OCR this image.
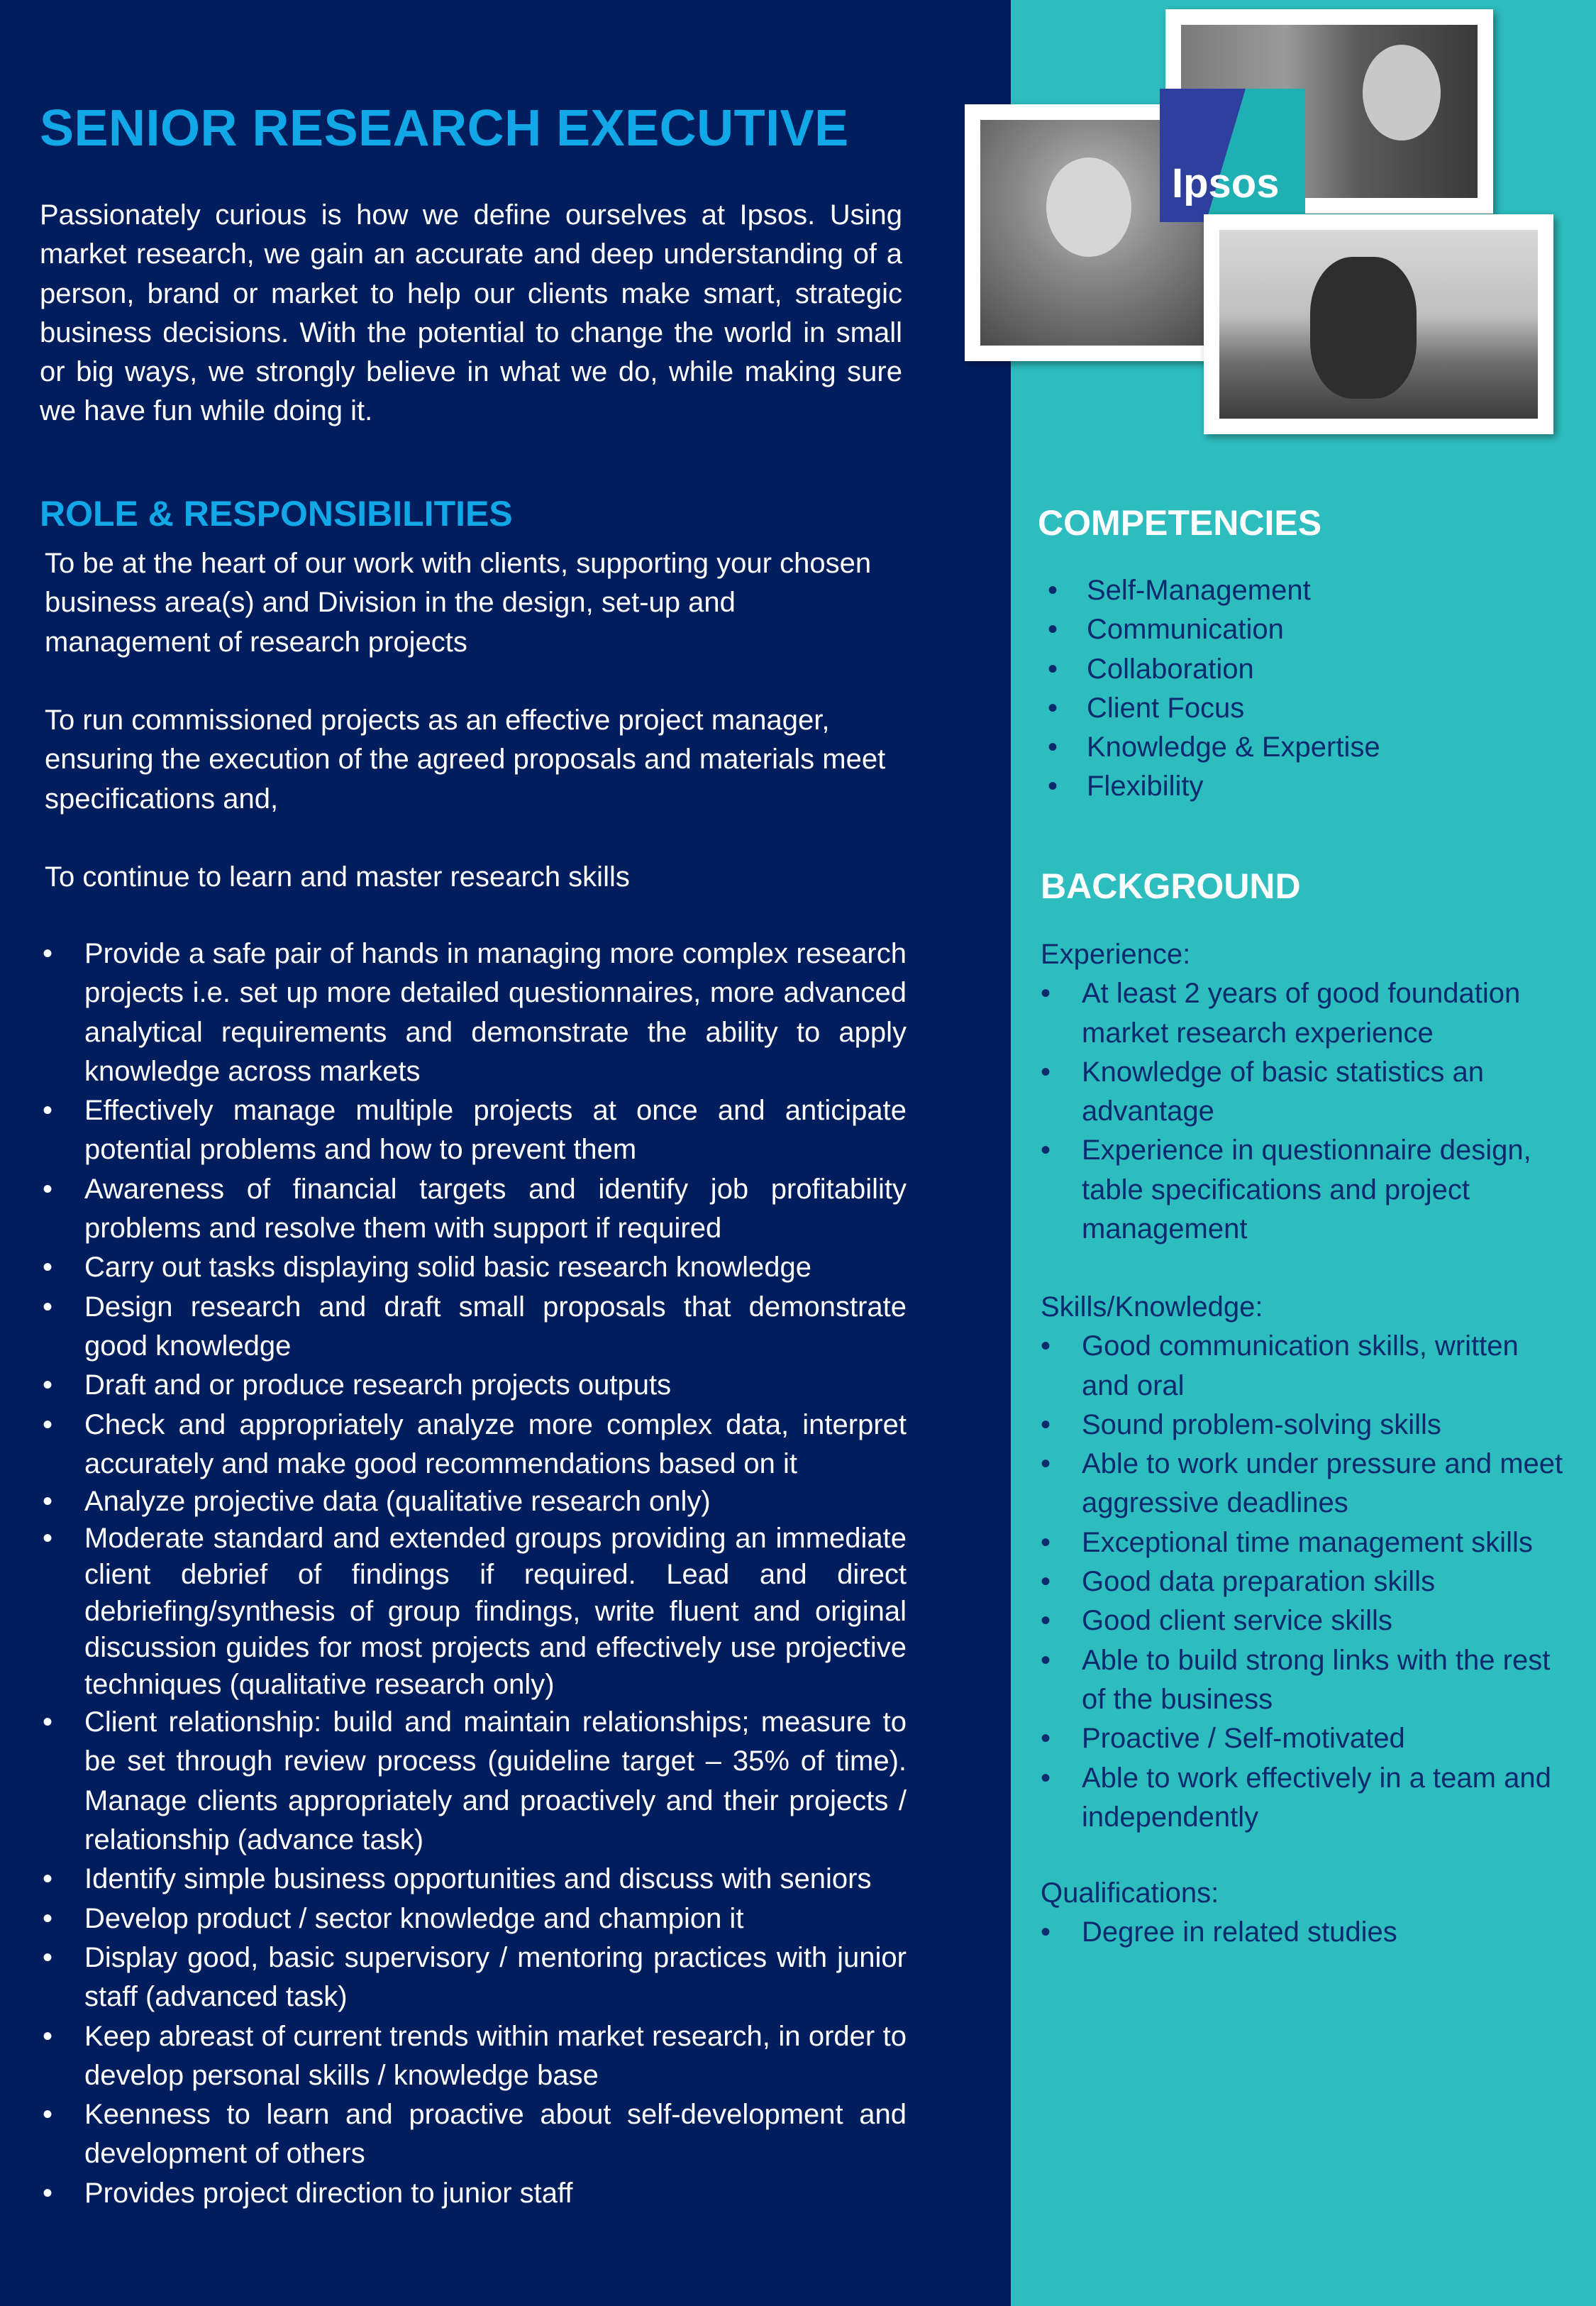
SENIOR RESEARCH EXECUTIVE

Passionately curious is how we define ourselves at Ipsos. Using market research, we gain an accurate and deep understanding of a person, brand or market to help our clients make smart, strategic business decisions. With the potential to change the world in small or big ways, we strongly believe in what we do, while making sure we have fun while doing it.

ROLE & RESPONSIBILITIES

To be at the heart of our work with clients, supporting your chosen business area(s) and Division in the design, set-up and management of research projects

To run commissioned projects as an effective project manager, ensuring the execution of the agreed proposals and materials meet specifications and,

To continue to learn and master research skills

• Provide a safe pair of hands in managing more complex research projects i.e. set up more detailed questionnaires, more advanced analytical requirements and demonstrate the ability to apply knowledge across markets
• Effectively manage multiple projects at once and anticipate potential problems and how to prevent them
• Awareness of financial targets and identify job profitability problems and resolve them with support if required
• Carry out tasks displaying solid basic research knowledge
• Design research and draft small proposals that demonstrate good knowledge
• Draft and or produce research projects outputs
• Check and appropriately analyze more complex data, interpret accurately and make good recommendations based on it
• Analyze projective data (qualitative research only)
• Moderate standard and extended groups providing an immediate client debrief of findings if required. Lead and direct debriefing/synthesis of group findings, write fluent and original discussion guides for most projects and effectively use projective techniques (qualitative research only)
• Client relationship: build and maintain relationships; measure to be set through review process (guideline target – 35% of time). Manage clients appropriately and proactively and their projects / relationship (advance task)
• Identify simple business opportunities and discuss with seniors
• Develop product / sector knowledge and champion it
• Display good, basic supervisory / mentoring practices with junior staff (advanced task)
• Keep abreast of current trends within market research, in order to develop personal skills / knowledge base
• Keenness to learn and proactive about self-development and development of others
• Provides project direction to junior staff
Ipsos
COMPETENCIES
• Self-Management
• Communication
• Collaboration
• Client Focus
• Knowledge & Expertise
• Flexibility
BACKGROUND

Experience:

• At least 2 years of good foundation market research experience
• Knowledge of basic statistics an advantage
• Experience in questionnaire design, table specifications and project management

Skills/Knowledge:

• Good communication skills, written and oral
• Sound problem-solving skills
• Able to work under pressure and meet aggressive deadlines
• Exceptional time management skills
• Good data preparation skills
• Good client service skills
• Able to build strong links with the rest of the business
• Proactive / Self-motivated
• Able to work effectively in a team and independently

Qualifications:

• Degree in related studies
